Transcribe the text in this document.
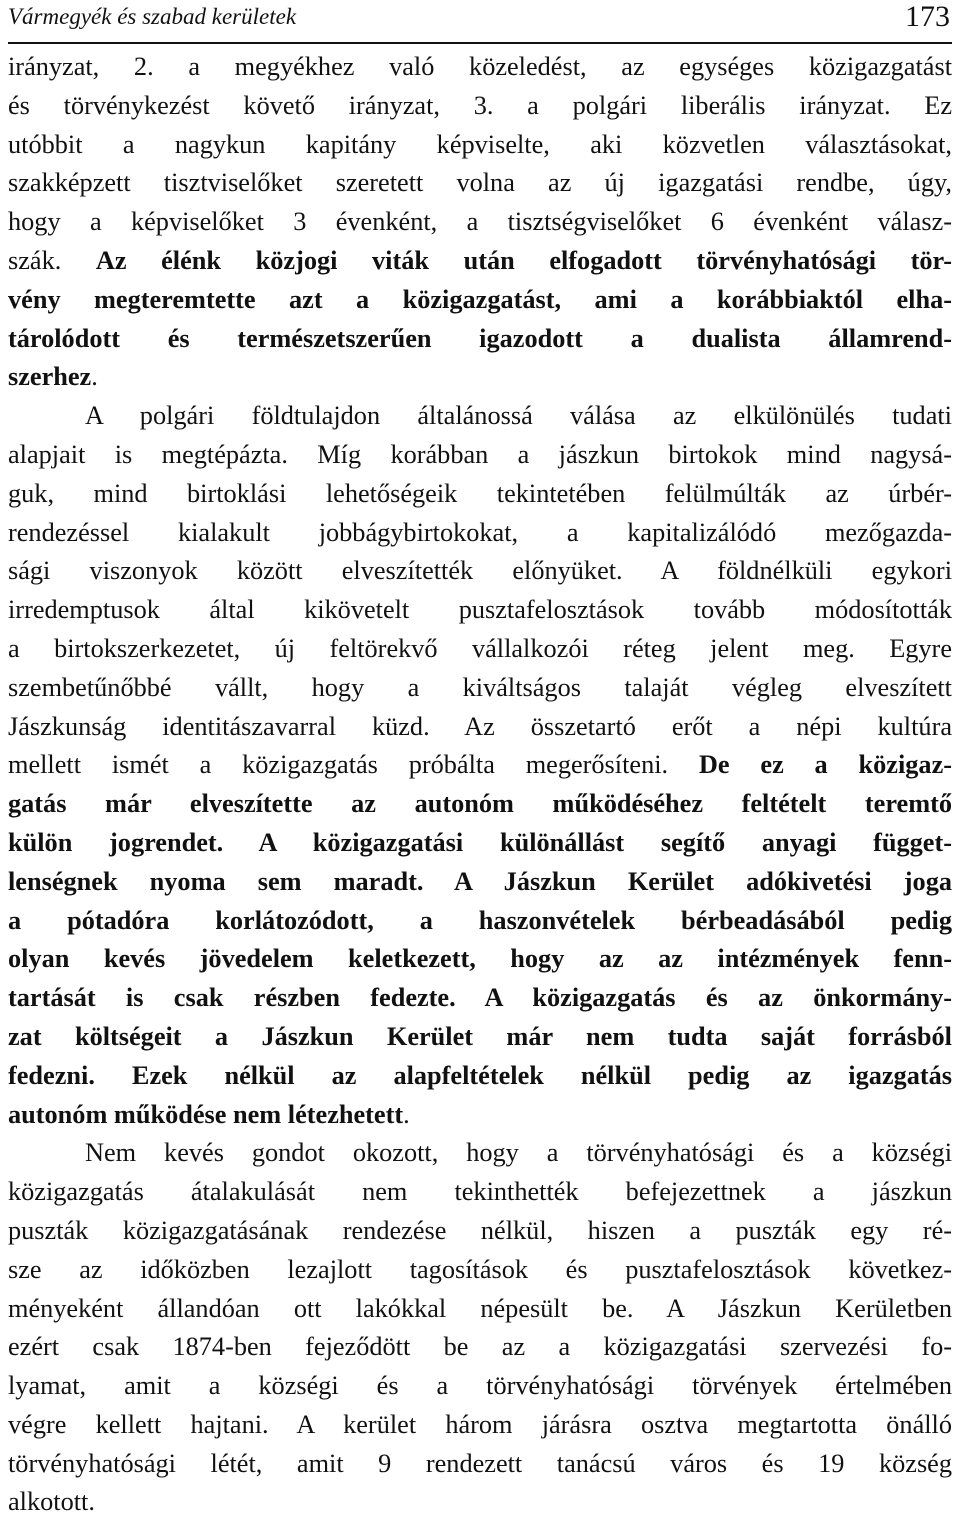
Vármegyék és szabad kerületek	173
irányzat, 2. a megyékhez való közeledést, az egységes közigazgatást
és törvénykezést követő irányzat, 3. a polgári liberális irányzat. Ez
utóbbit a nagykun kapitány képviselte, aki közvetlen választásokat,
szakképzett tisztviselőket szeretett volna az új igazgatási rendbe, úgy,
hogy a képviselőket 3 évenként, a tisztségviselőket 6 évenként válasz-
szák. Az élénk közjogi viták után elfogadott törvényhatósági tör-
vény megteremtette azt a közigazgatást, ami a korábbiaktól elha-
tárolódott és természetszerűen igazodott a dualista államrend-
szerhez.
A polgári földtulajdon általánossá válása az elkülönülés tudati
alapjait is megtépázta. Míg korábban a jászkun birtokok mind nagysá-
guk, mind birtoklási lehetőségeik tekintetében felülmúlták az úrbér-
rendezéssel kialakult jobbágybirtokokat, a kapitalizálódó mezőgazda-
sági viszonyok között elveszítették előnyüket. A földnélküli egykori
irredemptusok által kikövetelt pusztafelosztások tovább módosították
a birtokszerkezetet, új feltörekvő vállalkozói réteg jelent meg. Egyre
szembetűnőbbé vállt, hogy a kiváltságos talaját végleg elveszített
Jászkunság identitászavarral küzd. Az összetartó erőt a népi kultúra
mellett ismét a közigazgatás próbálta megerősíteni. De ez a közigaz-
gatás már elveszítette az autonóm működéséhez feltételt teremtő
külön jogrendet. A közigazgatási különállást segítő anyagi függet-
lenségnek nyoma sem maradt. A Jászkun Kerület adókivetési joga
a pótadóra korlátozódott, a haszonvételek bérbeadásából pedig
olyan kevés jövedelem keletkezett, hogy az az intézmények fenn-
tartását is csak részben fedezte. A közigazgatás és az önkormány-
zat költségeit a Jászkun Kerület már nem tudta saját forrásból
fedezni. Ezek nélkül az alapfeltételek nélkül pedig az igazgatás
autonóm működése nem létezhetett.
Nem kevés gondot okozott, hogy a törvényhatósági és a községi
közigazgatás átalakulását nem tekinthették befejezettnek a jászkun
puszták közigazgatásának rendezése nélkül, hiszen a puszták egy ré-
sze az időközben lezajlott tagosítások és pusztafelosztások következ-
ményeként állandóan ott lakókkal népesült be. A Jászkun Kerületben
ezért csak 1874-ben fejeződött be az a közigazgatási szervezési fo-
lyamat, amit a községi és a törvényhatósági törvények értelmében
végre kellett hajtani. A kerület három járásra osztva megtartotta önálló
törvényhatósági létét, amit 9 rendezett tanácsú város és 19 község
alkotott.
